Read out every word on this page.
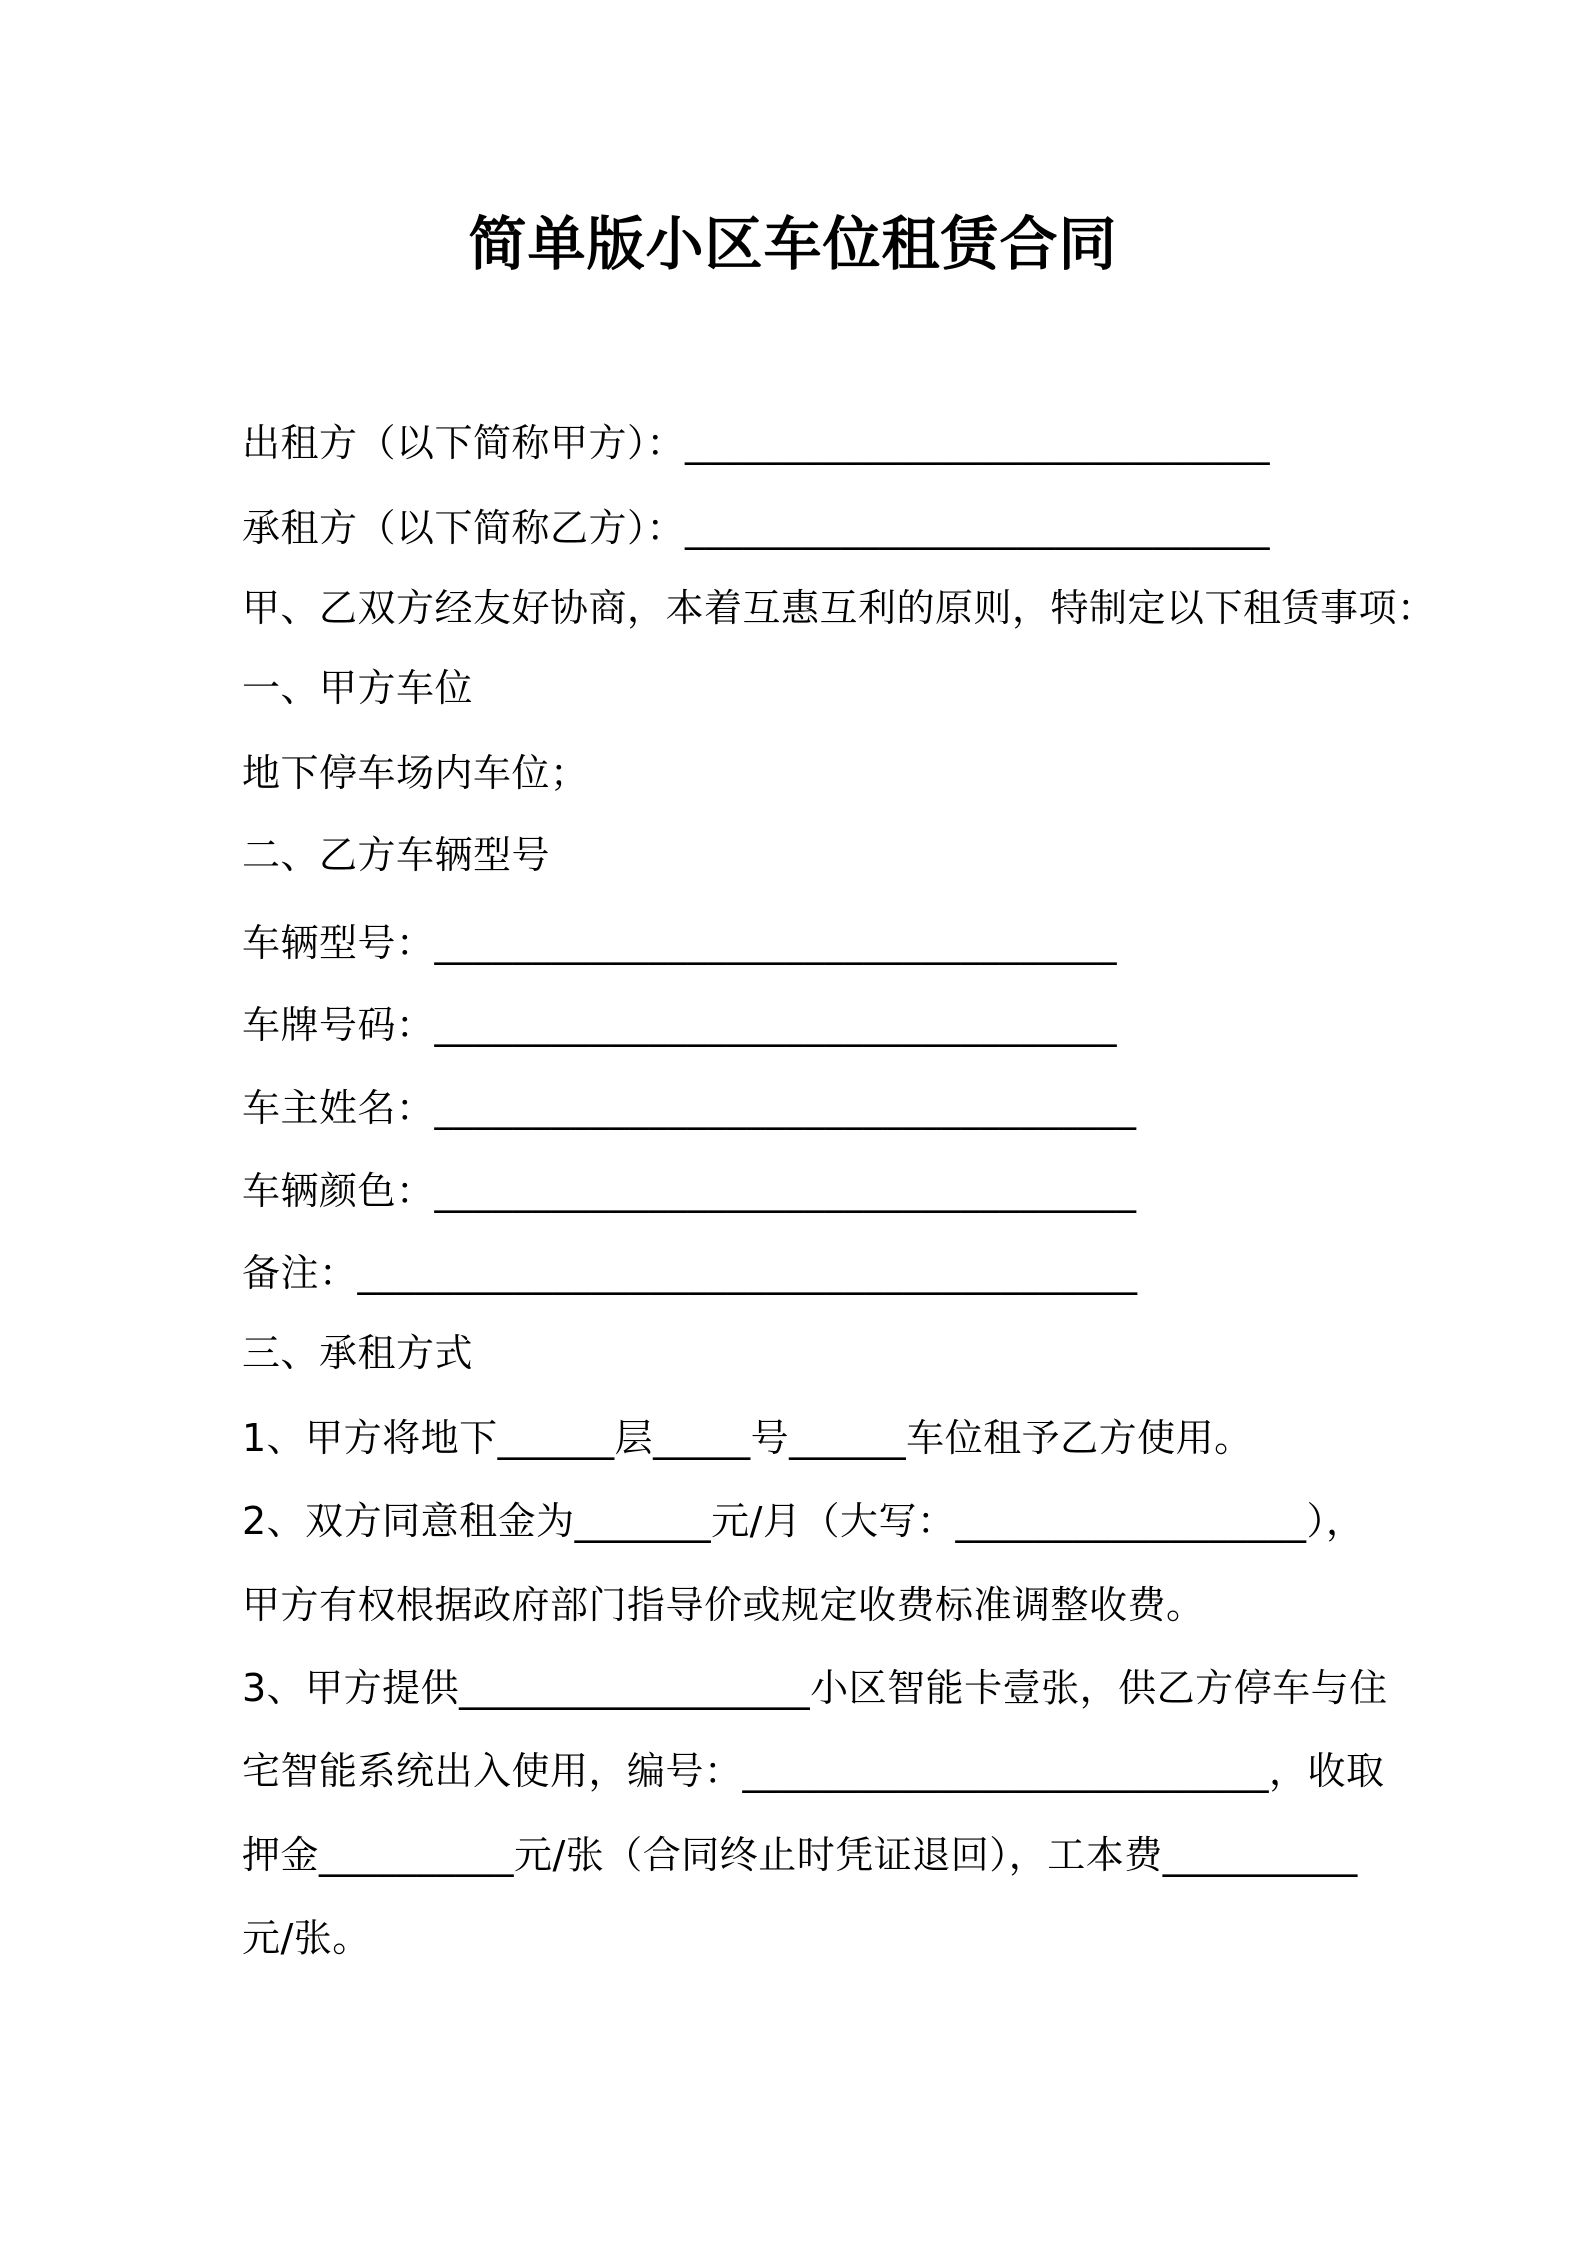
简单版小区车位租赁合同
出租方（以下简称甲方）：______________________________
承租方（以下简称乙方）：______________________________
甲、乙双方经友好协商，本着互惠互利的原则，特制定以下租赁事项：
一、甲方车位
地下停车场内车位；
二、乙方车辆型号
车辆型号：___________________________________
车牌号码：___________________________________
车主姓名：____________________________________
车辆颜色：____________________________________
备注：________________________________________
三、承租方式
1、甲方将地下______层_____号______车位租予乙方使用。
2、双方同意租金为_______元/月（大写：__________________），
甲方有权根据政府部门指导价或规定收费标准调整收费。
3、甲方提供__________________小区智能卡壹张，供乙方停车与住
宅智能系统出入使用，编号：___________________________，收取
押金__________元/张（合同终止时凭证退回），工本费__________
元/张。
